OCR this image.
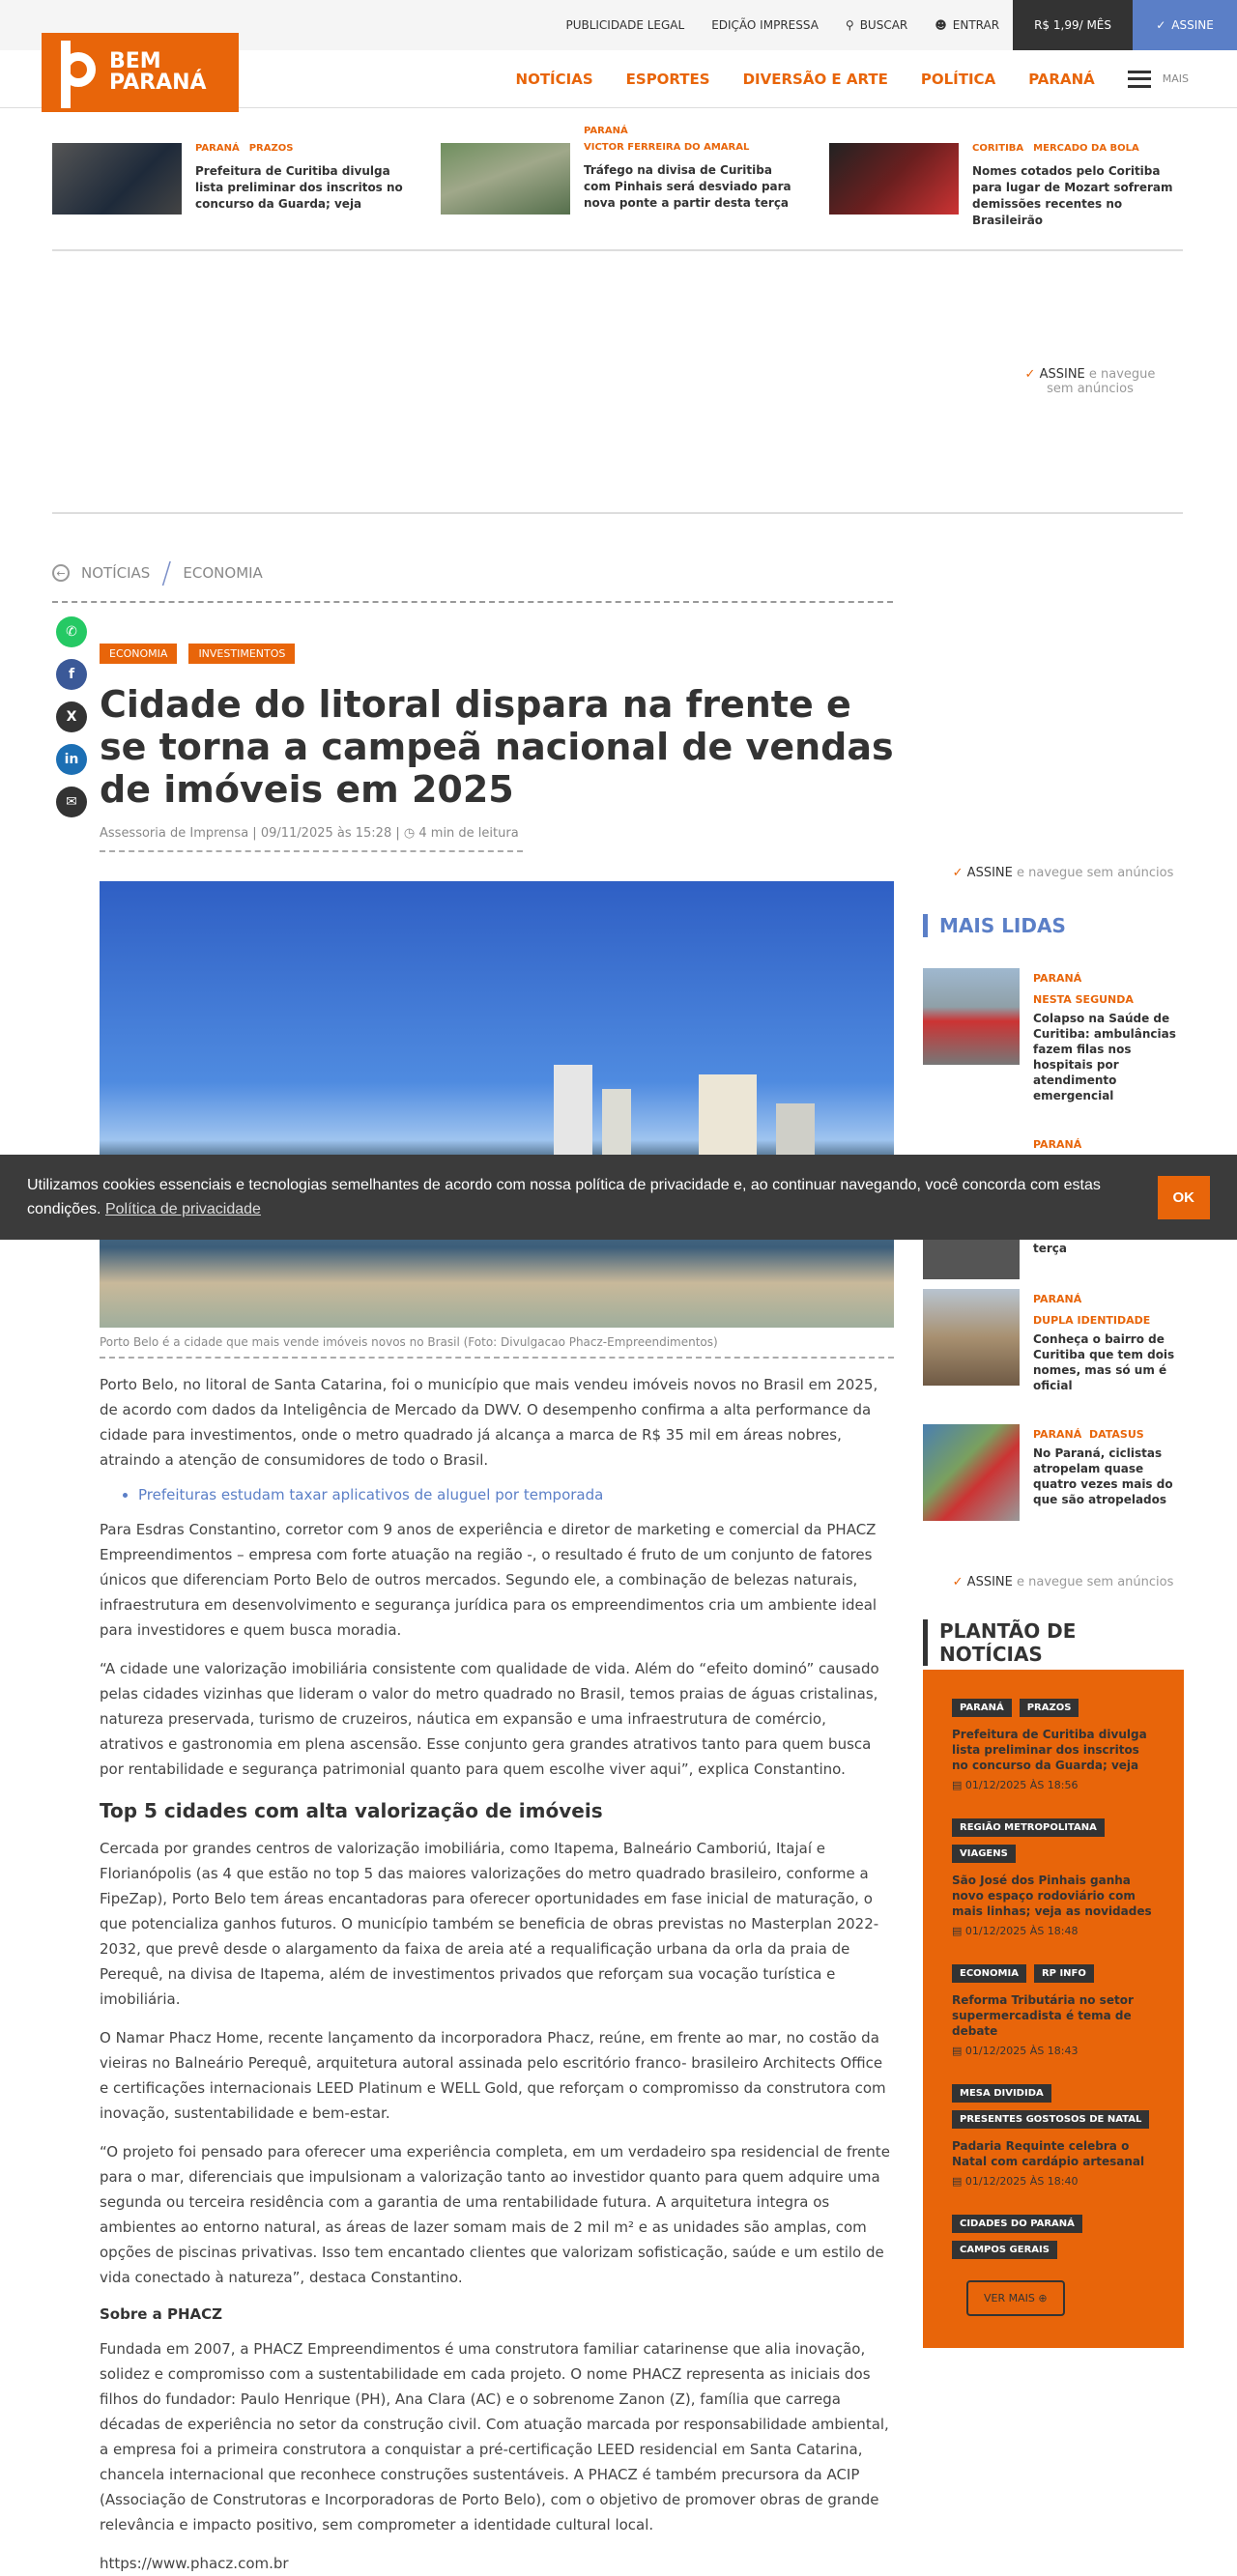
PUBLICIDADE LEGAL	EDIÇÃO IMPRESSA	⚲ BUSCAR ☻ ENTRAR	R$ 1,99/ MÊS	✓ ASSINE
NOTÍCIAS ESPORTES DIVERSÃO E ARTE POLÍTICA PARANÁ	MAIS
BEM
PARANÁ
PARANÁ PRAZOS
Prefeitura de Curitiba divulga lista preliminar dos inscritos no concurso da Guarda; veja
PARANÁ
VICTOR FERREIRA DO AMARAL
Tráfego na divisa de Curitiba com Pinhais será desviado para nova ponte a partir desta terça
CORITIBA MERCADO DA BOLA
Nomes cotados pelo Coritiba para lugar de Mozart sofreram demissões recentes no Brasileirão
✓ ASSINE e navegue sem anúncios
← NOTÍCIAS / ECONOMIA
✆
f
X
in
✉
ECONOMIA	INVESTIMENTOS
Cidade do litoral dispara na frente e se torna a campeã nacional de vendas de imóveis em 2025
Assessoria de Imprensa | 09/11/2025 às 15:28 | ◷ 4 min de leitura
Porto Belo é a cidade que mais vende imóveis novos no Brasil (Foto: Divulgacao Phacz-Empreendimentos)

Porto Belo, no litoral de Santa Catarina, foi o município que mais vendeu imóveis novos no Brasil em 2025, de acordo com dados da Inteligência de Mercado da DWV. O desempenho confirma a alta performance da cidade para investimentos, onde o metro quadrado já alcança a marca de R$ 35 mil em áreas nobres, atraindo a atenção de consumidores de todo o Brasil.

• Prefeituras estudam taxar aplicativos de aluguel por temporada

Para Esdras Constantino, corretor com 9 anos de experiência e diretor de marketing e comercial da PHACZ Empreendimentos – empresa com forte atuação na região -, o resultado é fruto de um conjunto de fatores únicos que diferenciam Porto Belo de outros mercados. Segundo ele, a combinação de belezas naturais, infraestrutura em desenvolvimento e segurança jurídica para os empreendimentos cria um ambiente ideal para investidores e quem busca moradia.

“A cidade une valorização imobiliária consistente com qualidade de vida. Além do “efeito dominó” causado pelas cidades vizinhas que lideram o valor do metro quadrado no Brasil, temos praias de águas cristalinas, natureza preservada, turismo de cruzeiros, náutica em expansão e uma infraestrutura de comércio, atrativos e gastronomia em plena ascensão. Esse conjunto gera grandes atrativos tanto para quem busca por rentabilidade e segurança patrimonial quanto para quem escolhe viver aqui”, explica Constantino.

Top 5 cidades com alta valorização de imóveis

Cercada por grandes centros de valorização imobiliária, como Itapema, Balneário Camboriú, Itajaí e Florianópolis (as 4 que estão no top 5 das maiores valorizações do metro quadrado brasileiro, conforme a FipeZap), Porto Belo tem áreas encantadoras para oferecer oportunidades em fase inicial de maturação, o que potencializa ganhos futuros. O município também se beneficia de obras previstas no Masterplan 2022-2032, que prevê desde o alargamento da faixa de areia até a requalificação urbana da orla da praia de Perequê, na divisa de Itapema, além de investimentos privados que reforçam sua vocação turística e imobiliária.

O Namar Phacz Home, recente lançamento da incorporadora Phacz, reúne, em frente ao mar, no costão da vieiras no Balneário Perequê, arquitetura autoral assinada pelo escritório franco- brasileiro Architects Office e certificações internacionais LEED Platinum e WELL Gold, que reforçam o compromisso da construtora com inovação, sustentabilidade e bem-estar.

“O projeto foi pensado para oferecer uma experiência completa, em um verdadeiro spa residencial de frente para o mar, diferenciais que impulsionam a valorização tanto ao investidor quanto para quem adquire uma segunda ou terceira residência com a garantia de uma rentabilidade futura. A arquitetura integra os ambientes ao entorno natural, as áreas de lazer somam mais de 2 mil m² e as unidades são amplas, com opções de piscinas privativas. Isso tem encantado clientes que valorizam sofisticação, saúde e um estilo de vida conectado à natureza”, destaca Constantino.

Sobre a PHACZ

Fundada em 2007, a PHACZ Empreendimentos é uma construtora familiar catarinense que alia inovação, solidez e compromisso com a sustentabilidade em cada projeto. O nome PHACZ representa as iniciais dos filhos do fundador: Paulo Henrique (PH), Ana Clara (AC) e o sobrenome Zanon (Z), família que carrega décadas de experiência no setor da construção civil. Com atuação marcada por responsabilidade ambiental, a empresa foi a primeira construtora a conquistar a pré-certificação LEED residencial em Santa Catarina, chancela internacional que reconhece construções sustentáveis. A PHACZ é também precursora da ACIP (Associação de Construtoras e Incorporadoras de Porto Belo), com o objetivo de promover obras de grande relevância e impacto positivo, sem comprometer a identidade cultural local.

https://www.phacz.com.br

✓ ASSINE e navegue sem anúncios
MAIS LIDAS
PARANÁ
NESTA SEGUNDA
Colapso na Saúde de Curitiba: ambulâncias fazem filas nos hospitais por atendimento emergencial
PARANÁ
terça
PARANÁ
DUPLA IDENTIDADE
Conheça o bairro de Curitiba que tem dois nomes, mas só um é oficial
PARANÁ DATASUS
No Paraná, ciclistas atropelam quase quatro vezes mais do que são atropelados
✓ ASSINE e navegue sem anúncios
PLANTÃO DE NOTÍCIAS
PARANÁ	PRAZOS
Prefeitura de Curitiba divulga lista preliminar dos inscritos no concurso da Guarda; veja
▤ 01/12/2025 ÀS 18:56
REGIÃO METROPOLITANA
VIAGENS
São José dos Pinhais ganha novo espaço rodoviário com mais linhas; veja as novidades
▤ 01/12/2025 ÀS 18:48
ECONOMIA	RP INFO
Reforma Tributária no setor supermercadista é tema de debate
▤ 01/12/2025 ÀS 18:43
MESA DIVIDIDA
PRESENTES GOSTOSOS DE NATAL
Padaria Requinte celebra o Natal com cardápio artesanal
▤ 01/12/2025 ÀS 18:40
CIDADES DO PARANÁ
CAMPOS GERAIS
VER MAIS ⊕
Utilizamos cookies essenciais e tecnologias semelhantes de acordo com nossa política de privacidade e, ao continuar navegando, você concorda com estas condições. Política de privacidade
OK
